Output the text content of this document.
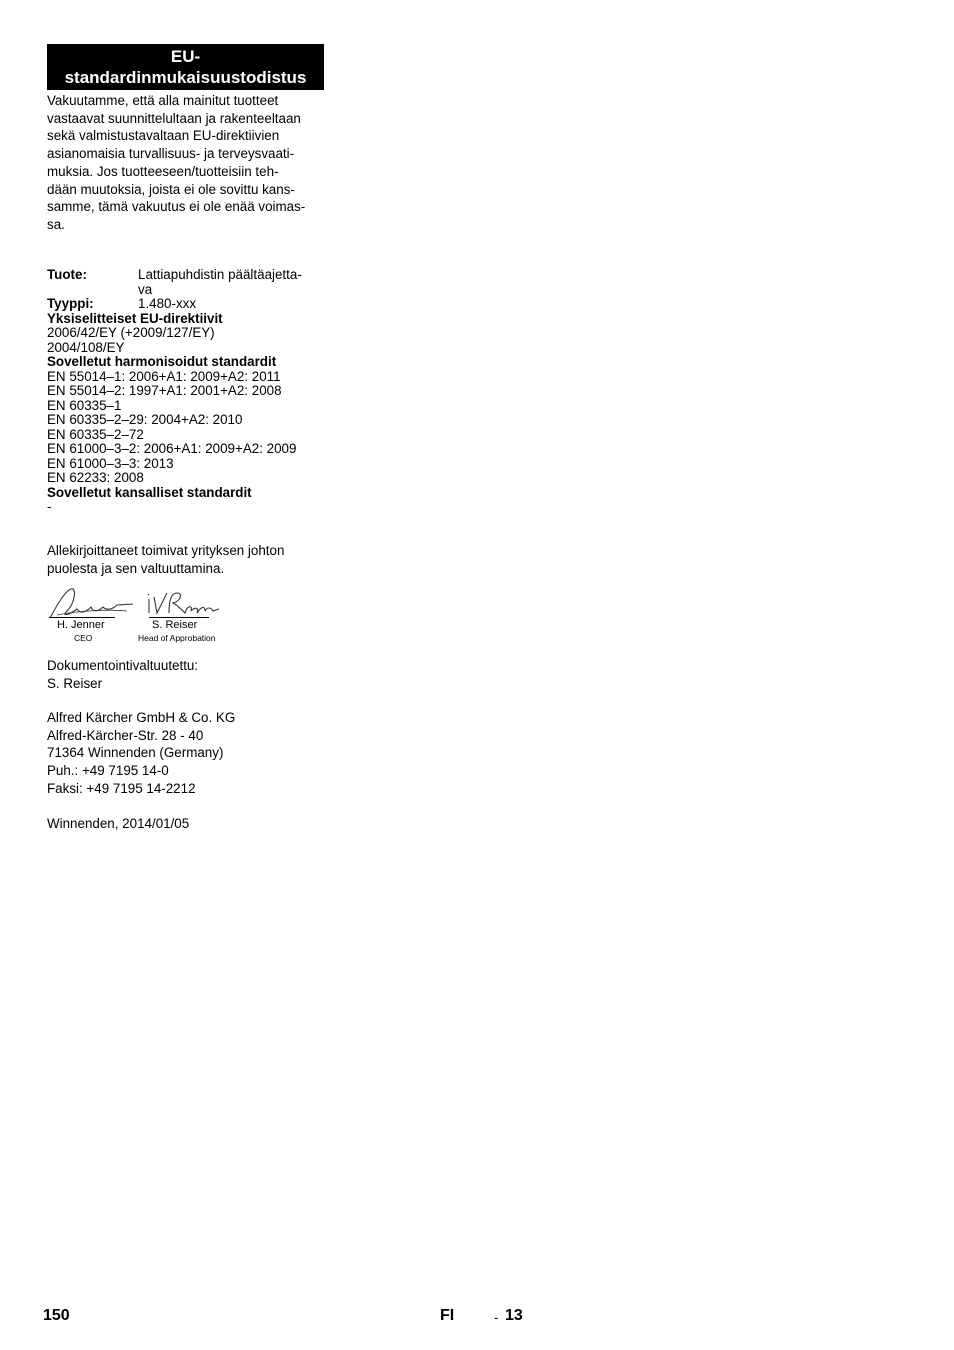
EU-
standardinmukaisuustodistus
Vakuutamme, että alla mainitut tuotteet
vastaavat suunnittelultaan ja rakenteeltaan
sekä valmistustavaltaan EU-direktiivien
asianomaisia turvallisuus- ja terveysvaati-
muksia. Jos tuotteeseen/tuotteisiin teh-
dään muutoksia, joista ei ole sovittu kans-
samme, tämä vakuutus ei ole enää voimas-
sa.
Tuote:	Lattiapuhdistin päältäajetta-
va
Tyyppi:	1.480-xxx
Yksiselitteiset EU-direktiivit
2006/42/EY (+2009/127/EY)
2004/108/EY
Sovelletut harmonisoidut standardit
EN 55014–1: 2006+A1: 2009+A2: 2011
EN 55014–2: 1997+A1: 2001+A2: 2008
EN 60335–1
EN 60335–2–29: 2004+A2: 2010
EN 60335–2–72
EN 61000–3–2: 2006+A1: 2009+A2: 2009
EN 61000–3–3: 2013
EN 62233: 2008
Sovelletut kansalliset standardit
-
Allekirjoittaneet toimivat yrityksen johton
puolesta ja sen valtuuttamina.
H. Jenner
CEO
S. Reiser
Head of Approbation
Dokumentointivaltuutettu:
S. Reiser
Alfred Kärcher GmbH & Co. KG
Alfred-Kärcher-Str. 28 - 40
71364 Winnenden (Germany)
Puh.: +49 7195 14-0
Faksi: +49 7195 14-2212
Winnenden, 2014/01/05
150	FI	- 13
